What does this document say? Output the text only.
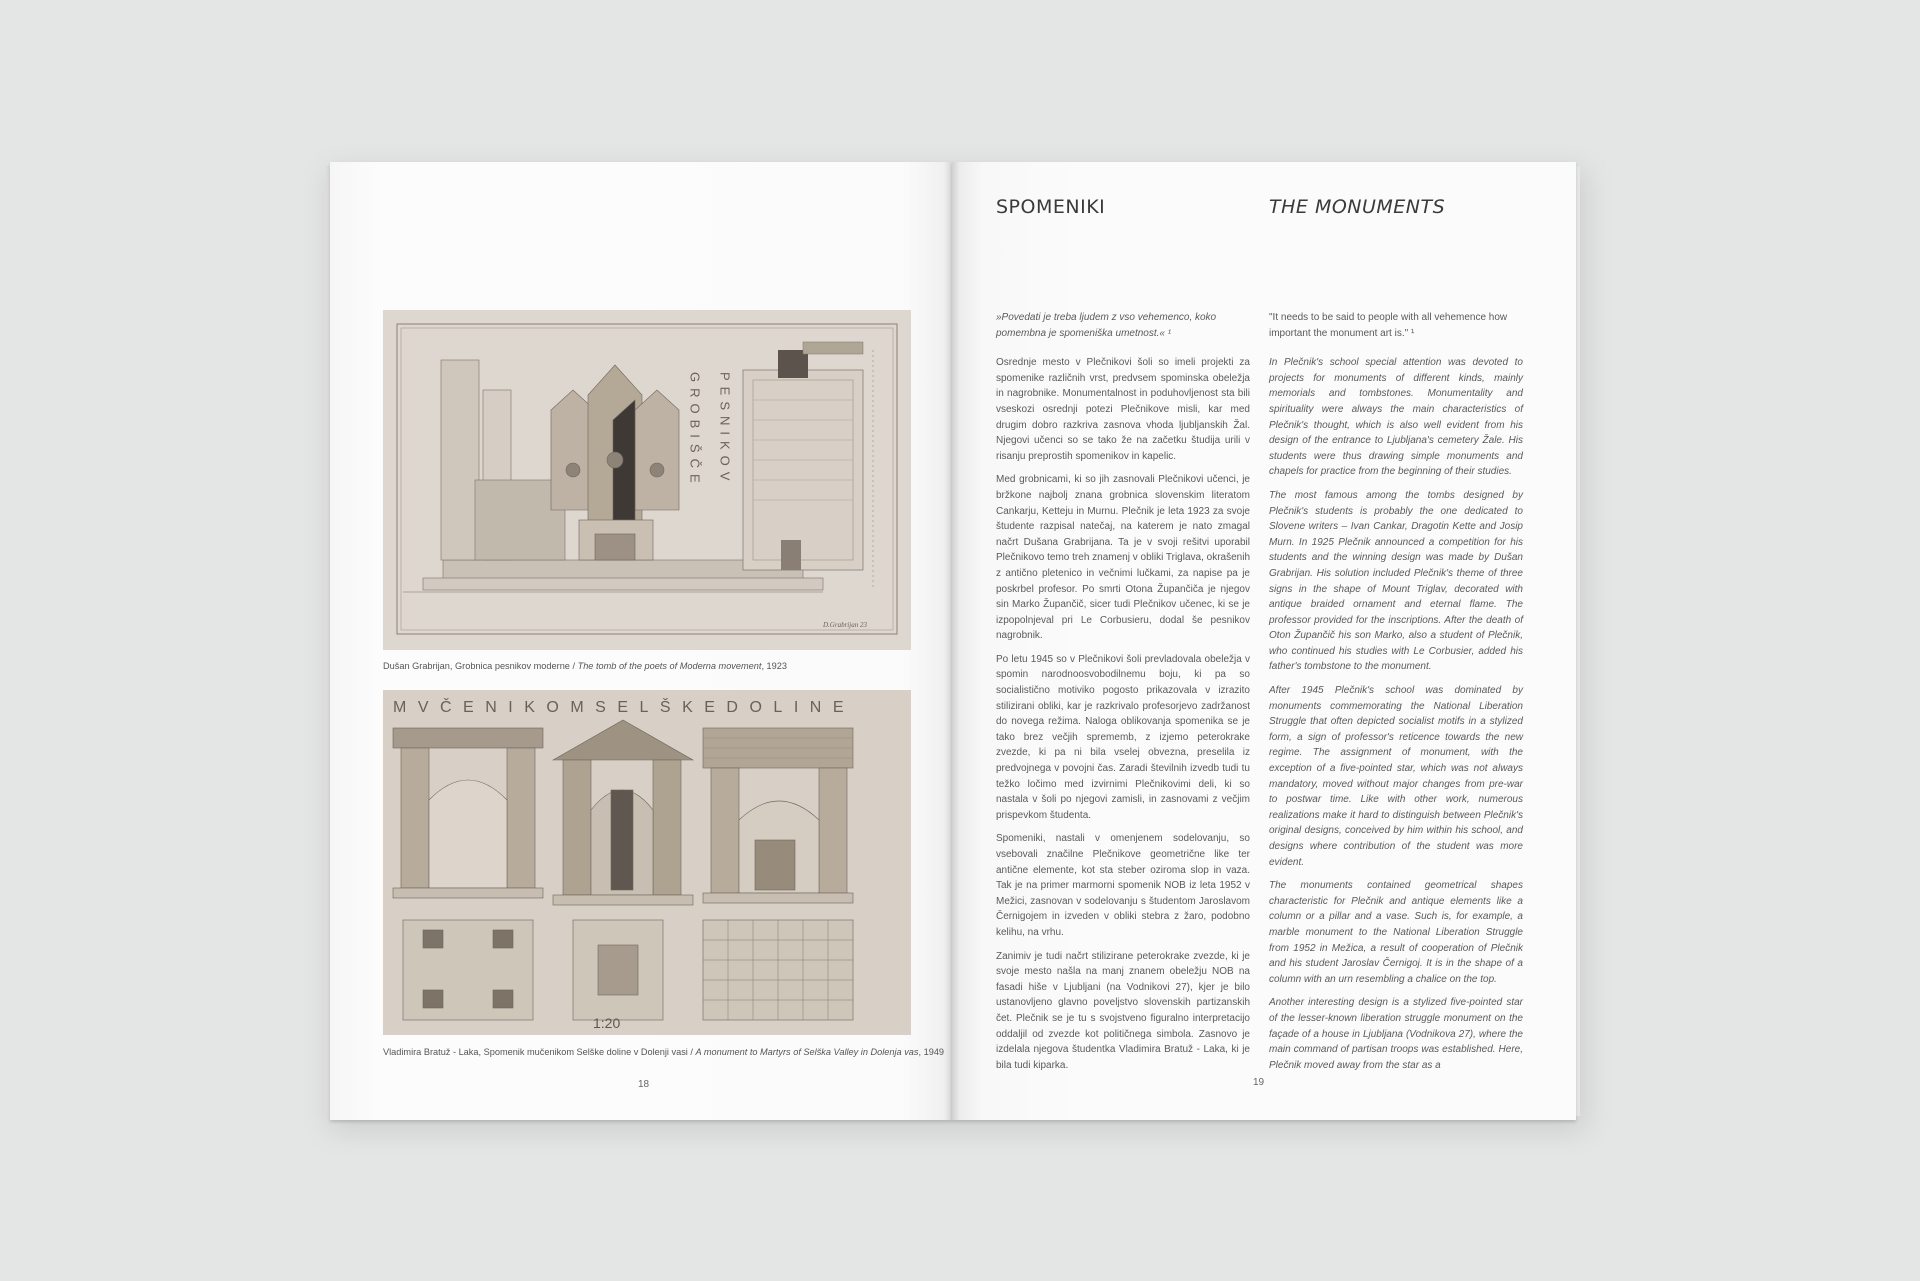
GROBIŠČE PESNIKOV
D.Grabrijan 23
Dušan Grabrijan, Grobnica pesnikov moderne / The tomb of the poets of Moderna movement, 1923
MVČENIKOMSELŠKEDOLINE
1:20
Vladimira Bratuž - Laka, Spomenik mučenikom Selške doline v Dolenji vasi / A monument to Martyrs of Selška Valley in Dolenja vas, 1949
18
SPOMENIKI	THE MONUMENTS

»Povedati je treba ljudem z vso vehemenco, koko pomembna je spomeniška umetnost.« ¹

Osrednje mesto v Plečnikovi šoli so imeli projekti za spomenike različnih vrst, predvsem spominska obeležja in nagrobnike. Monumentalnost in poduhovljenost sta bili vseskozi osrednji potezi Plečnikove misli, kar med drugim dobro razkriva zasnova vhoda ljubljanskih Žal. Njegovi učenci so se tako že na začetku študija urili v risanju preprostih spomenikov in kapelic.

Med grobnicami, ki so jih zasnovali Plečnikovi učenci, je bržkone najbolj znana grobnica slovenskim literatom Cankarju, Ketteju in Murnu. Plečnik je leta 1923 za svoje študente razpisal natečaj, na katerem je nato zmagal načrt Dušana Grabrijana. Ta je v svoji rešitvi uporabil Plečnikovo temo treh znamenj v obliki Triglava, okrašenih z antično pletenico in večnimi lučkami, za napise pa je poskrbel profesor. Po smrti Otona Župančiča je njegov sin Marko Župančič, sicer tudi Plečnikov učenec, ki se je izpopolnjeval pri Le Corbusieru, dodal še pesnikov nagrobnik.

Po letu 1945 so v Plečnikovi šoli prevladovala obeležja v spomin narodnoosvobodilnemu boju, ki pa so socialistično motiviko pogosto prikazovala v izrazito stilizirani obliki, kar je razkrivalo profesorjevo zadržanost do novega režima. Naloga oblikovanja spomenika se je tako brez večjih sprememb, z izjemo peterokrake zvezde, ki pa ni bila vselej obvezna, preselila iz predvojnega v povojni čas. Zaradi številnih izvedb tudi tu težko ločimo med izvirnimi Plečnikovimi deli, ki so nastala v šoli po njegovi zamisli, in zasnovami z večjim prispevkom študenta.

Spomeniki, nastali v omenjenem sodelovanju, so vsebovali značilne Plečnikove geometrične like ter antične elemente, kot sta steber oziroma slop in vaza. Tak je na primer marmorni spomenik NOB iz leta 1952 v Mežici, zasnovan v sodelovanju s študentom Jaroslavom Černigojem in izveden v obliki stebra z žaro, podobno kelihu, na vrhu.

Zanimiv je tudi načrt stilizirane peterokrake zvezde, ki je svoje mesto našla na manj znanem obeležju NOB na fasadi hiše v Ljubljani (na Vodnikovi 27), kjer je bilo ustanovljeno glavno poveljstvo slovenskih partizanskih čet. Plečnik se je tu s svojstveno figuralno interpretacijo oddaljil od zvezde kot političnega simbola. Zasnovo je izdelala njegova študentka Vladimira Bratuž - Laka, ki je bila tudi kiparka.

"It needs to be said to people with all vehemence how important the monument art is." ¹

In Plečnik's school special attention was devoted to projects for monuments of different kinds, mainly memorials and tombstones. Monumentality and spirituality were always the main characteristics of Plečnik's thought, which is also well evident from his design of the entrance to Ljubljana's cemetery Žale. His students were thus drawing simple monuments and chapels for practice from the beginning of their studies.

The most famous among the tombs designed by Plečnik's students is probably the one dedicated to Slovene writers – Ivan Cankar, Dragotin Kette and Josip Murn. In 1925 Plečnik announced a competition for his students and the winning design was made by Dušan Grabrijan. His solution included Plečnik's theme of three signs in the shape of Mount Triglav, decorated with antique braided ornament and eternal flame. The professor provided for the inscriptions. After the death of Oton Župančič his son Marko, also a student of Plečnik, who continued his studies with Le Corbusier, added his father's tombstone to the monument.

After 1945 Plečnik's school was dominated by monuments commemorating the National Liberation Struggle that often depicted socialist motifs in a stylized form, a sign of professor's reticence towards the new regime. The assignment of monument, with the exception of a five-pointed star, which was not always mandatory, moved without major changes from pre-war to postwar time. Like with other work, numerous realizations make it hard to distinguish between Plečnik's original designs, conceived by him within his school, and designs where contribution of the student was more evident.

The monuments contained geometrical shapes characteristic for Plečnik and antique elements like a column or a pillar and a vase. Such is, for example, a marble monument to the National Liberation Struggle from 1952 in Mežica, a result of cooperation of Plečnik and his student Jaroslav Černigoj. It is in the shape of a column with an urn resembling a chalice on the top.

Another interesting design is a stylized five-pointed star of the lesser-known liberation struggle monument on the façade of a house in Ljubljana (Vodnikova 27), where the main command of partisan troops was established. Here, Plečnik moved away from the star as a

19
